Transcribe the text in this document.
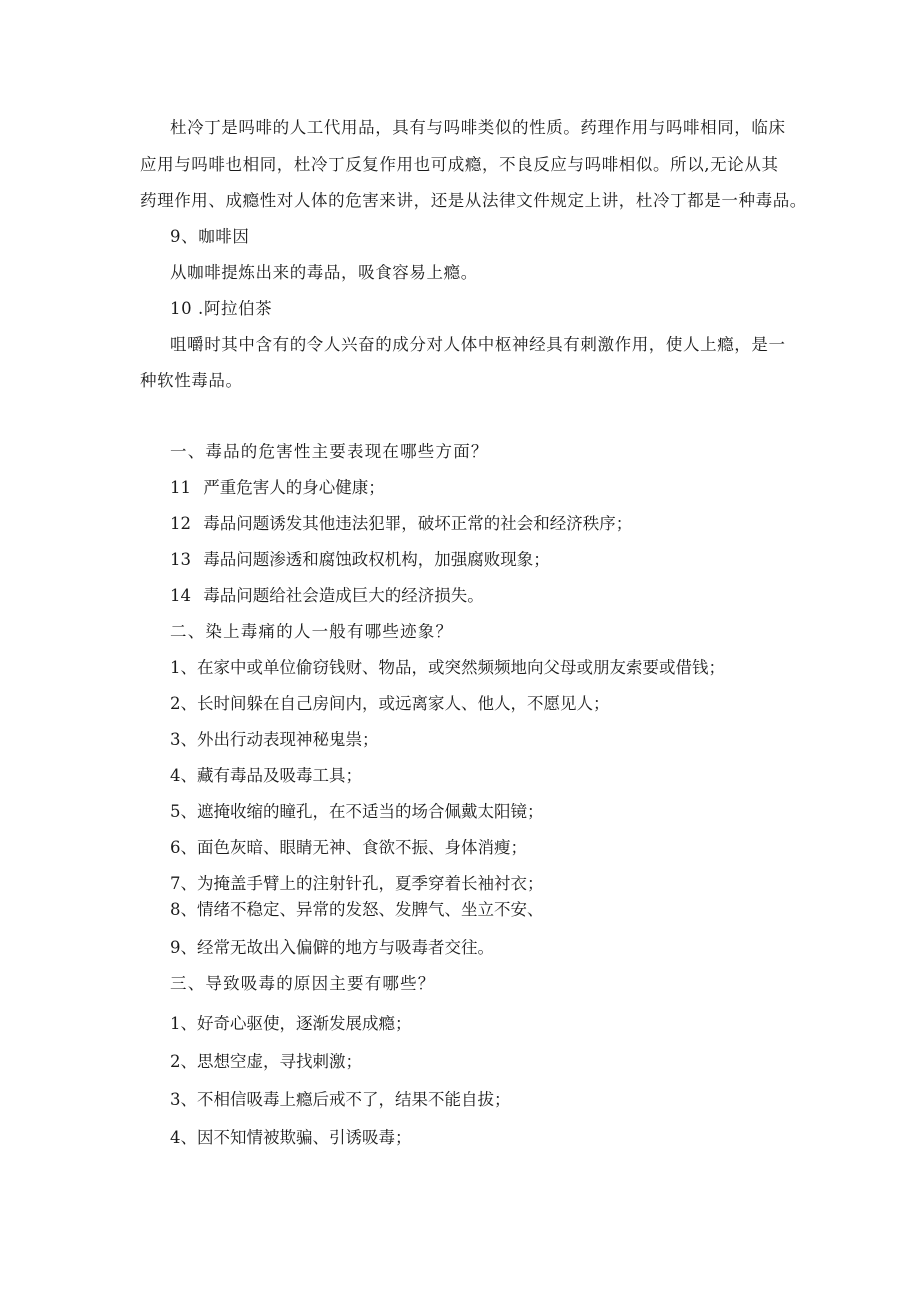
杜冷丁是吗啡的人工代用品，具有与吗啡类似的性质。药理作用与吗啡相同，临床
应用与吗啡也相同，杜冷丁反复作用也可成瘾，不良反应与吗啡相似。所以,无论从其
药理作用、成瘾性对人体的危害来讲，还是从法律文件规定上讲，杜冷丁都是一种毒品。
9、咖啡因
从咖啡提炼出来的毒品，吸食容易上瘾。
10 .阿拉伯茶
咀嚼时其中含有的令人兴奋的成分对人体中枢神经具有刺激作用，使人上瘾，是一
种软性毒品。
一、毒品的危害性主要表现在哪些方面？
11 严重危害人的身心健康；
12 毒品问题诱发其他违法犯罪，破坏正常的社会和经济秩序；
13 毒品问题渗透和腐蚀政权机构，加强腐败现象；
14 毒品问题给社会造成巨大的经济损失。
二、染上毒痛的人一般有哪些迹象？
1、在家中或单位偷窃钱财、物品，或突然频频地向父母或朋友索要或借钱；
2、长时间躲在自己房间内，或远离家人、他人，不愿见人；
3、外出行动表现神秘鬼祟；
4、藏有毒品及吸毒工具；
5、遮掩收缩的瞳孔，在不适当的场合佩戴太阳镜；
6、面色灰暗、眼睛无神、食欲不振、身体消瘦；
7、为掩盖手臂上的注射针孔，夏季穿着长袖衬衣；
8、情绪不稳定、异常的发怒、发脾气、坐立不安、
9、经常无故出入偏僻的地方与吸毒者交往。
三、导致吸毒的原因主要有哪些？
1、好奇心驱使，逐渐发展成瘾；
2、思想空虚，寻找刺激；
3、不相信吸毒上瘾后戒不了，结果不能自拔；
4、因不知情被欺骗、引诱吸毒；
